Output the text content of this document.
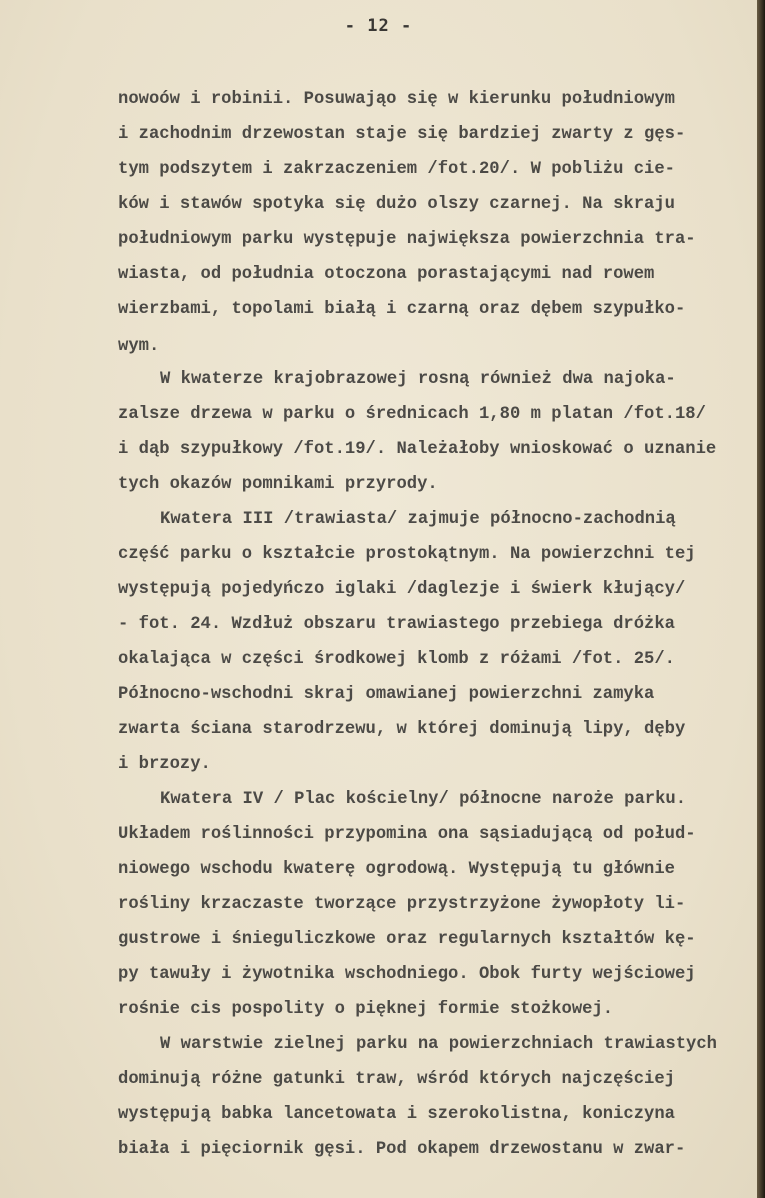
- 12 -
nowoów i robinii. Posuwająo się w kierunku południowym
i zachodnim drzewostan staje się bardziej zwarty z gęs-
tym podszytem i zakrzaczeniem /fot.20/. W pobliżu cie-
ków i stawów spotyka się dużo olszy czarnej. Na skraju
południowym parku występuje największa powierzchnia tra-
wiasta, od południa otoczona porastającymi nad rowem
wierzbami, topolami białą i czarną oraz dębem szypułko-
wym.
W kwaterze krajobrazowej rosną również dwa najoka-
zalsze drzewa w parku o średnicach 1,80 m platan /fot.18/
i dąb szypułkowy /fot.19/. Należałoby wnioskować o uznanie
tych okazów pomnikami przyrody.
Kwatera III /trawiasta/ zajmuje północno-zachodnią
część parku o kształcie prostokątnym. Na powierzchni tej
występują pojedyńczo iglaki /daglezje i świerk kłujący/
- fot. 24. Wzdłuż obszaru trawiastego przebiega dróżka
okalająca w części środkowej klomb z różami /fot. 25/.
Północno-wschodni skraj omawianej powierzchni zamyka
zwarta ściana starodrzewu, w której dominują lipy, dęby
i brzozy.
Kwatera IV / Plac kościelny/ północne naroże parku.
Układem roślinności przypomina ona sąsiadującą od połud-
niowego wschodu kwaterę ogrodową. Występują tu głównie
rośliny krzaczaste tworzące przystrzyżone żywopłoty li-
gustrowe i śnieguliczkowe oraz regularnych kształtów kę-
py tawuły i żywotnika wschodniego. Obok furty wejściowej
rośnie cis pospolity o pięknej formie stożkowej.
W warstwie zielnej parku na powierzchniach trawiastych
dominują różne gatunki traw, wśród których najczęściej
występują babka lancetowata i szerokolistna, koniczyna
biała i pięciornik gęsi. Pod okapem drzewostanu w zwar-
